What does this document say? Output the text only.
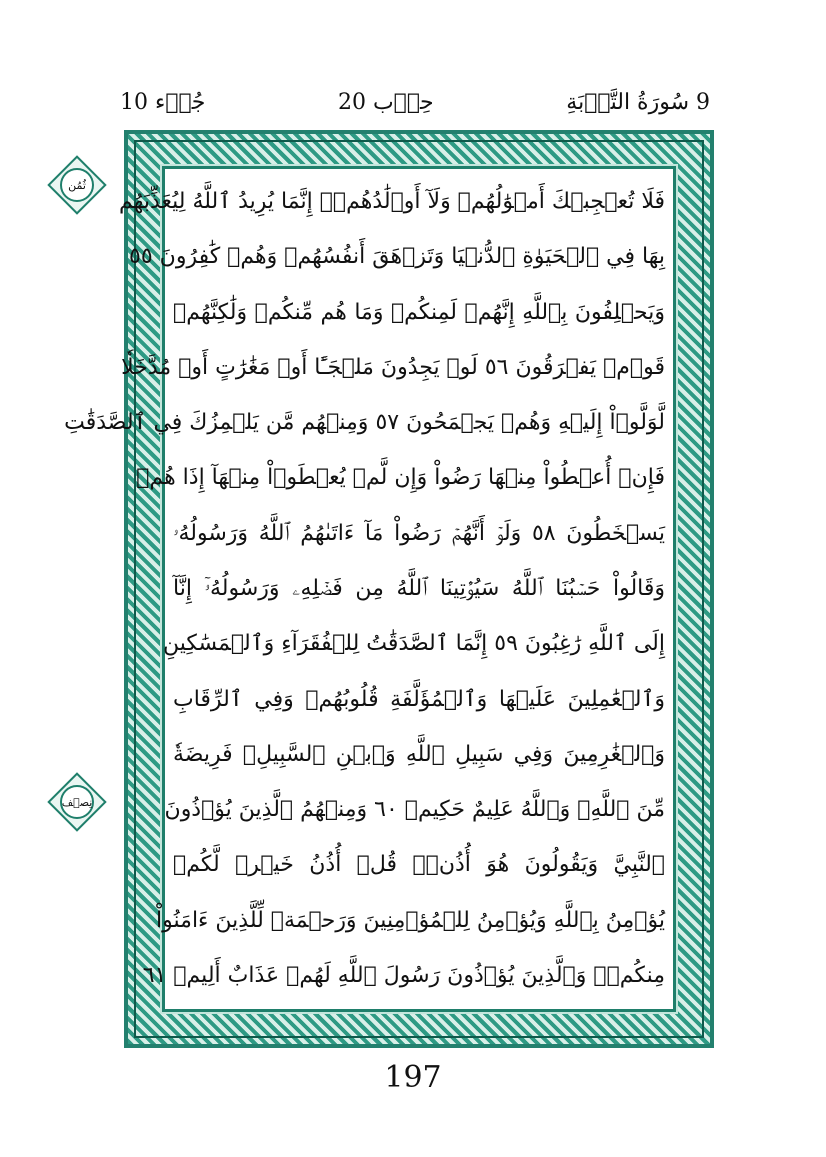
9 سُورَةُ التَّوۡبَةِ
حِزۡب 20
جُزۡء 10
ثُمُن
نِصۡف
فَلَا تُعۡجِبۡكَ أَمۡوَٰلُهُمۡ وَلَآ أَوۡلَٰدُهُمۡۚ إِنَّمَا يُرِيدُ ٱللَّهُ لِيُعَذِّبَهُم
بِهَا فِي ٱلۡحَيَوٰةِ ٱلدُّنۡيَا وَتَزۡهَقَ أَنفُسُهُمۡ وَهُمۡ كَٰفِرُونَ ٥٥
وَيَحۡلِفُونَ بِٱللَّهِ إِنَّهُمۡ لَمِنكُمۡ وَمَا هُم مِّنكُمۡ وَلَٰكِنَّهُمۡ
قَوۡمٞ يَفۡرَقُونَ ٥٦ لَوۡ يَجِدُونَ مَلۡجَـًٔا أَوۡ مَغَٰرَٰتٍ أَوۡ مُدَّخَلٗا
لَّوَلَّوۡاْ إِلَيۡهِ وَهُمۡ يَجۡمَحُونَ ٥٧ وَمِنۡهُم مَّن يَلۡمِزُكَ فِي ٱلصَّدَقَٰتِ
فَإِنۡ أُعۡطُواْ مِنۡهَا رَضُواْ وَإِن لَّمۡ يُعۡطَوۡاْ مِنۡهَآ إِذَا هُمۡ
يَسۡخَطُونَ ٥٨ وَلَوۡ أَنَّهُمۡ رَضُواْ مَآ ءَاتَىٰهُمُ ٱللَّهُ وَرَسُولُهُۥ
وَقَالُواْ حَسۡبُنَا ٱللَّهُ سَيُؤۡتِينَا ٱللَّهُ مِن فَضۡلِهِۦ وَرَسُولُهُۥٓ إِنَّآ
إِلَى ٱللَّهِ رَٰغِبُونَ ٥٩ إِنَّمَا ٱلصَّدَقَٰتُ لِلۡفُقَرَآءِ وَٱلۡمَسَٰكِينِ
وَٱلۡعَٰمِلِينَ عَلَيۡهَا وَٱلۡمُؤَلَّفَةِ قُلُوبُهُمۡ وَفِي ٱلرِّقَابِ
وَٱلۡغَٰرِمِينَ وَفِي سَبِيلِ ٱللَّهِ وَٱبۡنِ ٱلسَّبِيلِۖ فَرِيضَةٗ
مِّنَ ٱللَّهِۗ وَٱللَّهُ عَلِيمٌ حَكِيمٞ ٦٠ وَمِنۡهُمُ ٱلَّذِينَ يُؤۡذُونَ
ٱلنَّبِيَّ وَيَقُولُونَ هُوَ أُذُنٞۚ قُلۡ أُذُنُ خَيۡرٖ لَّكُمۡ
يُؤۡمِنُ بِٱللَّهِ وَيُؤۡمِنُ لِلۡمُؤۡمِنِينَ وَرَحۡمَةٞ لِّلَّذِينَ ءَامَنُواْ
مِنكُمۡۚ وَٱلَّذِينَ يُؤۡذُونَ رَسُولَ ٱللَّهِ لَهُمۡ عَذَابٌ أَلِيمٞ ٦١
197
